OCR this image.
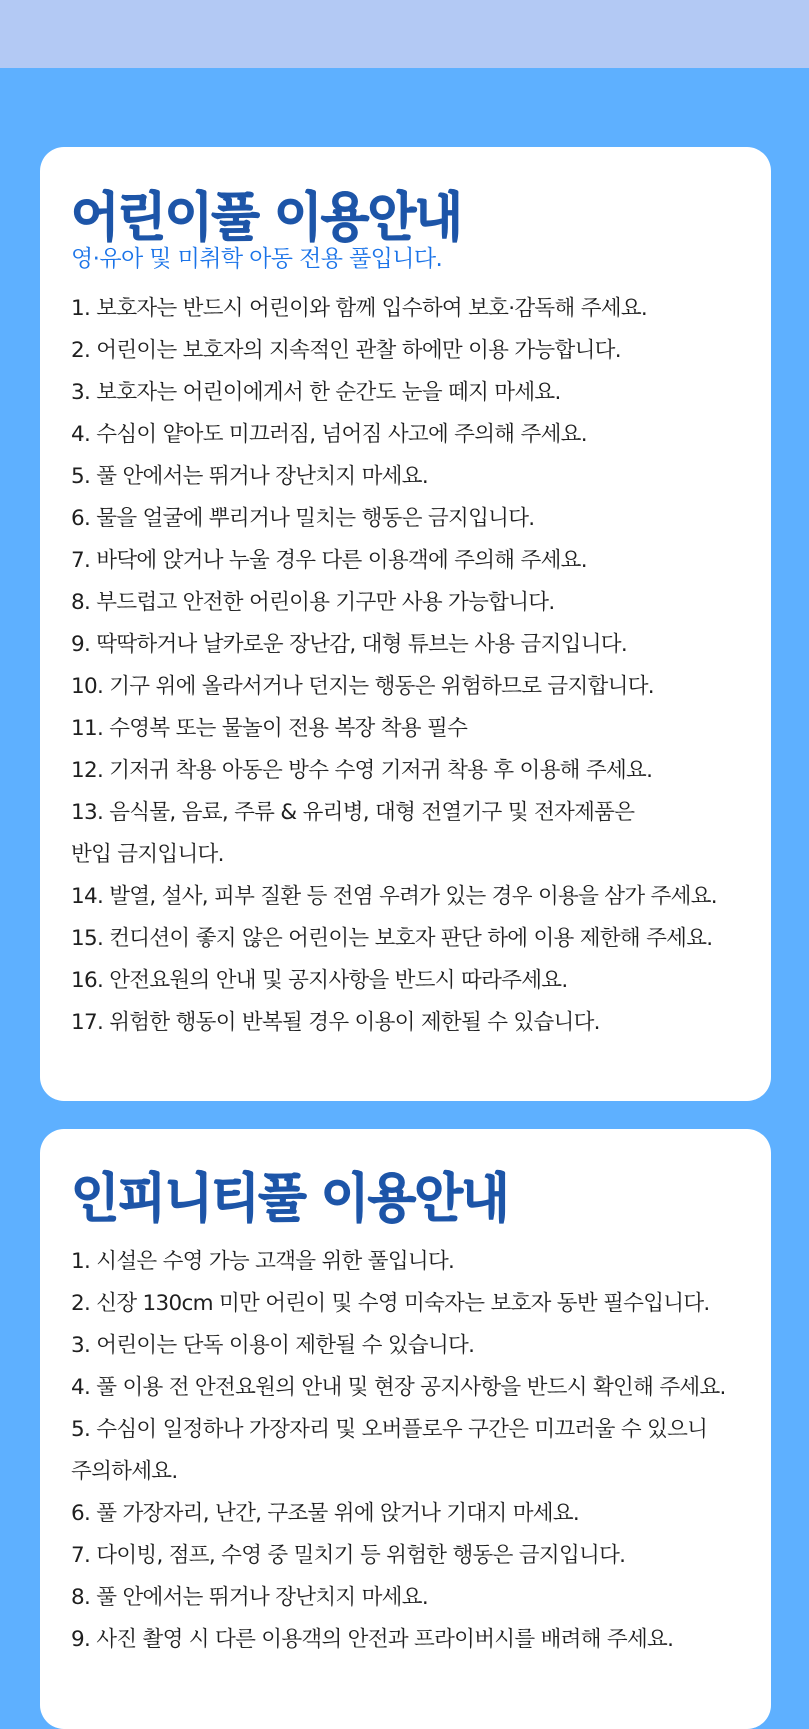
어린이풀 이용안내

영·유아 및 미취학 아동 전용 풀입니다.

1. 보호자는 반드시 어린이와 함께 입수하여 보호·감독해 주세요.
2. 어린이는 보호자의 지속적인 관찰 하에만 이용 가능합니다.
3. 보호자는 어린이에게서 한 순간도 눈을 떼지 마세요.
4. 수심이 얕아도 미끄러짐, 넘어짐 사고에 주의해 주세요.
5. 풀 안에서는 뛰거나 장난치지 마세요.
6. 물을 얼굴에 뿌리거나 밀치는 행동은 금지입니다.
7. 바닥에 앉거나 누울 경우 다른 이용객에 주의해 주세요.
8. 부드럽고 안전한 어린이용 기구만 사용 가능합니다.
9. 딱딱하거나 날카로운 장난감, 대형 튜브는 사용 금지입니다.
10. 기구 위에 올라서거나 던지는 행동은 위험하므로 금지합니다.
11. 수영복 또는 물놀이 전용 복장 착용 필수
12. 기저귀 착용 아동은 방수 수영 기저귀 착용 후 이용해 주세요.
13. 음식물, 음료, 주류 & 유리병, 대형 전열기구 및 전자제품은
반입 금지입니다.
14. 발열, 설사, 피부 질환 등 전염 우려가 있는 경우 이용을 삼가 주세요.
15. 컨디션이 좋지 않은 어린이는 보호자 판단 하에 이용 제한해 주세요.
16. 안전요원의 안내 및 공지사항을 반드시 따라주세요.
17. 위험한 행동이 반복될 경우 이용이 제한될 수 있습니다.
인피니티풀 이용안내
1. 시설은 수영 가능 고객을 위한 풀입니다.
2. 신장 130cm 미만 어린이 및 수영 미숙자는 보호자 동반 필수입니다.
3. 어린이는 단독 이용이 제한될 수 있습니다.
4. 풀 이용 전 안전요원의 안내 및 현장 공지사항을 반드시 확인해 주세요.
5. 수심이 일정하나 가장자리 및 오버플로우 구간은 미끄러울 수 있으니
주의하세요.
6. 풀 가장자리, 난간, 구조물 위에 앉거나 기대지 마세요.
7. 다이빙, 점프, 수영 중 밀치기 등 위험한 행동은 금지입니다.
8. 풀 안에서는 뛰거나 장난치지 마세요.
9. 사진 촬영 시 다른 이용객의 안전과 프라이버시를 배려해 주세요.
